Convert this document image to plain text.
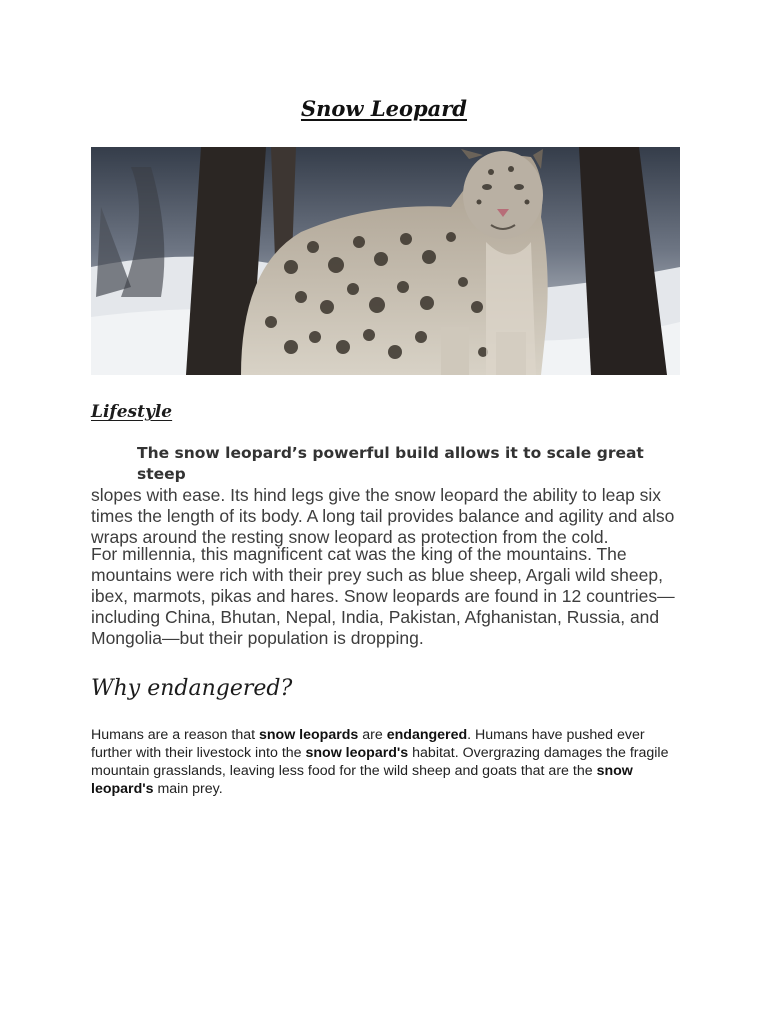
Snow Leopard
Lifestyle

The snow leopard’s powerful build allows it to scale great steep slopes with ease. Its hind legs give the snow leopard the ability to leap six times the length of its body. A long tail provides balance and agility and also wraps around the resting snow leopard as protection from the cold.

For millennia, this magnificent cat was the king of the mountains. The mountains were rich with their prey such as blue sheep, Argali wild sheep, ibex, marmots, pikas and hares. Snow leopards are found in 12 countries—including China, Bhutan, Nepal, India, Pakistan, Afghanistan, Russia, and Mongolia—but their population is dropping.

Why endangered?

Humans are a reason that snow leopards are endangered. Humans have pushed ever further with their livestock into the snow leopard's habitat. Overgrazing damages the fragile mountain grasslands, leaving less food for the wild sheep and goats that are the snow leopard's main prey.
